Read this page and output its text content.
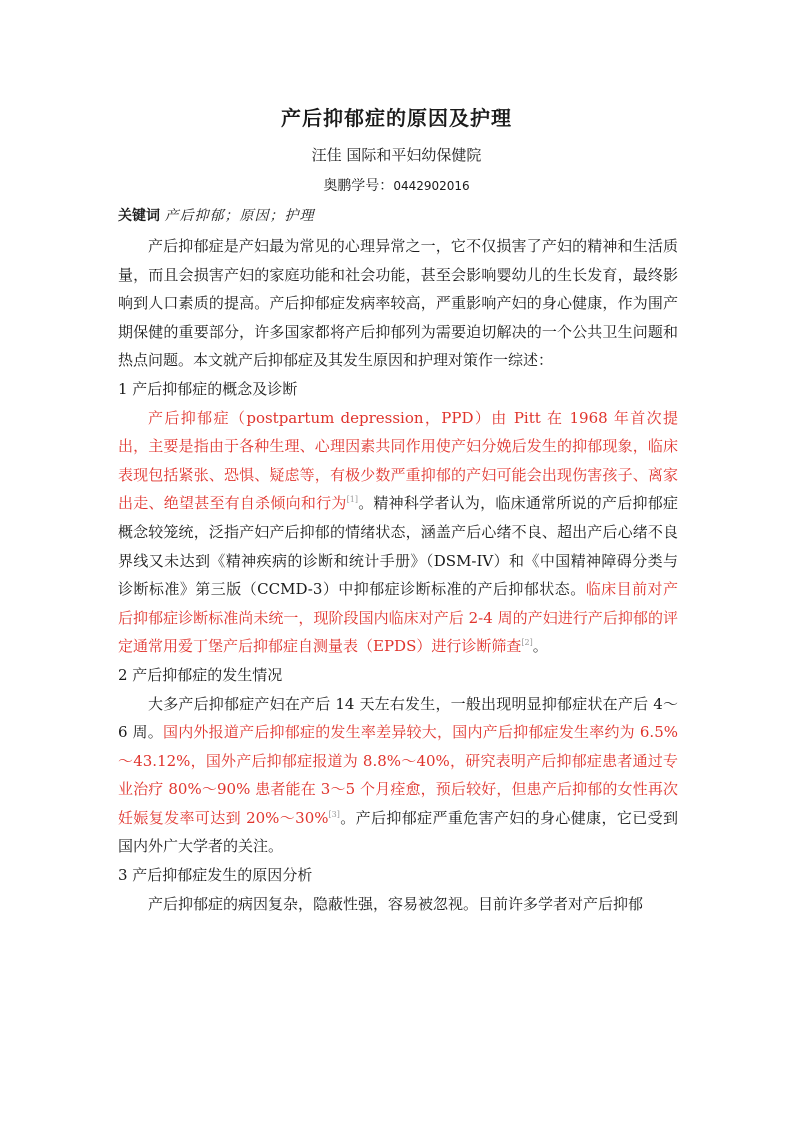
产后抑郁症的原因及护理
汪佳 国际和平妇幼保健院
奥鹏学号：0442902016
关键词 产后抑郁；原因；护理

产后抑郁症是产妇最为常见的心理异常之一，它不仅损害了产妇的精神和生活质量，而且会损害产妇的家庭功能和社会功能，甚至会影响婴幼儿的生长发育，最终影响到人口素质的提高。产后抑郁症发病率较高，严重影响产妇的身心健康，作为围产期保健的重要部分，许多国家都将产后抑郁列为需要迫切解决的一个公共卫生问题和热点问题。本文就产后抑郁症及其发生原因和护理对策作一综述：

1 产后抑郁症的概念及诊断

产后抑郁症（postpartum depression，PPD）由 Pitt 在 1968 年首次提出，主要是指由于各种生理、心理因素共同作用使产妇分娩后发生的抑郁现象，临床表现包括紧张、恐惧、疑虑等，有极少数严重抑郁的产妇可能会出现伤害孩子、离家出走、绝望甚至有自杀倾向和行为[1]。精神科学者认为，临床通常所说的产后抑郁症概念较笼统，泛指产妇产后抑郁的情绪状态，涵盖产后心绪不良、超出产后心绪不良界线又未达到《精神疾病的诊断和统计手册》（DSM-IV）和《中国精神障碍分类与诊断标准》第三版（CCMD-3）中抑郁症诊断标准的产后抑郁状态。临床目前对产后抑郁症诊断标准尚未统一，现阶段国内临床对产后 2-4 周的产妇进行产后抑郁的评定通常用爱丁堡产后抑郁症自测量表（EPDS）进行诊断筛查[2]。

2 产后抑郁症的发生情况

大多产后抑郁症产妇在产后 14 天左右发生，一般出现明显抑郁症状在产后 4～6 周。国内外报道产后抑郁症的发生率差异较大，国内产后抑郁症发生率约为 6.5%～43.12%，国外产后抑郁症报道为 8.8%～40%，研究表明产后抑郁症患者通过专业治疗 80%～90% 患者能在 3～5 个月痊愈，预后较好，但患产后抑郁的女性再次妊娠复发率可达到 20%～30%[3]。产后抑郁症严重危害产妇的身心健康，它已受到国内外广大学者的关注。

3 产后抑郁症发生的原因分析

产后抑郁症的病因复杂，隐蔽性强，容易被忽视。目前许多学者对产后抑郁
